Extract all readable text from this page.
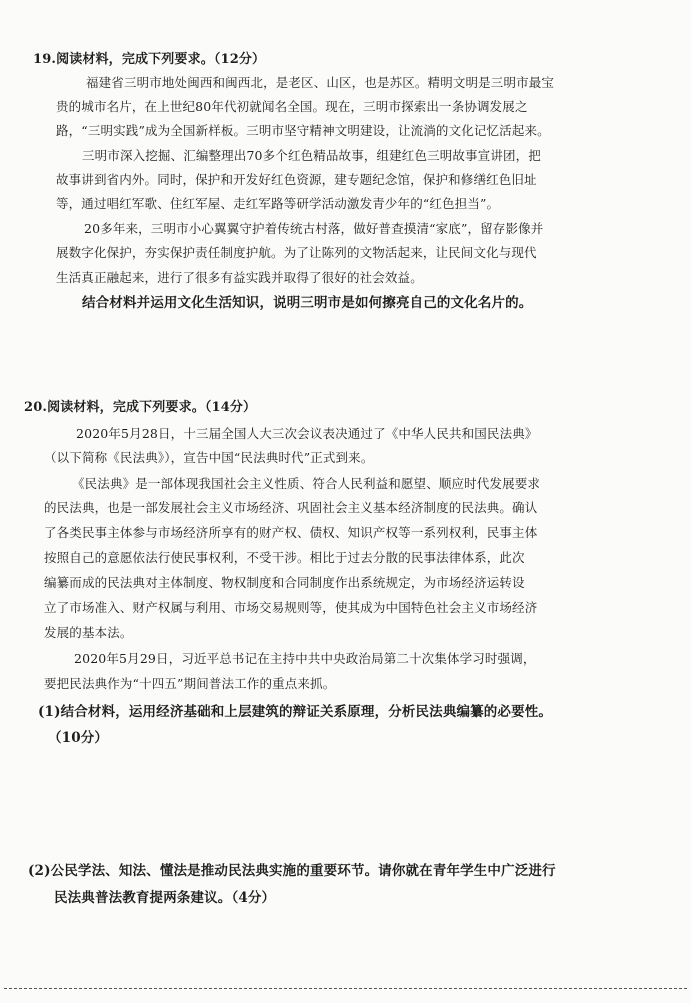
19.阅读材料，完成下列要求。（12分）
福建省三明市地处闽西和闽西北，是老区、山区，也是苏区。精明文明是三明市最宝
贵的城市名片，在上世纪80年代初就闻名全国。现在，三明市探索出一条协调发展之
路，“三明实践”成为全国新样板。三明市坚守精神文明建设，让流淌的文化记忆活起来。
三明市深入挖掘、汇编整理出70多个红色精品故事，组建红色三明故事宣讲团，把
故事讲到省内外。同时，保护和开发好红色资源，建专题纪念馆，保护和修缮红色旧址
等，通过唱红军歌、住红军屋、走红军路等研学活动激发青少年的“红色担当”。
20多年来，三明市小心翼翼守护着传统古村落，做好普查摸清“家底”，留存影像并
展数字化保护，夯实保护责任制度护航。为了让陈列的文物活起来，让民间文化与现代
生活真正融起来，进行了很多有益实践并取得了很好的社会效益。
结合材料并运用文化生活知识，说明三明市是如何擦亮自己的文化名片的。
20.阅读材料，完成下列要求。（14分）
2020年5月28日，十三届全国人大三次会议表决通过了《中华人民共和国民法典》
（以下简称《民法典》），宣告中国“民法典时代”正式到来。
《民法典》是一部体现我国社会主义性质、符合人民利益和愿望、顺应时代发展要求
的民法典，也是一部发展社会主义市场经济、巩固社会主义基本经济制度的民法典。确认
了各类民事主体参与市场经济所享有的财产权、债权、知识产权等一系列权利，民事主体
按照自己的意愿依法行使民事权利，不受干涉。相比于过去分散的民事法律体系，此次
编纂而成的民法典对主体制度、物权制度和合同制度作出系统规定，为市场经济运转设
立了市场准入、财产权属与利用、市场交易规则等，使其成为中国特色社会主义市场经济
发展的基本法。
2020年5月29日，习近平总书记在主持中共中央政治局第二十次集体学习时强调，
要把民法典作为“十四五”期间普法工作的重点来抓。
(1)结合材料，运用经济基础和上层建筑的辩证关系原理，分析民法典编纂的必要性。
（10分）
(2)公民学法、知法、懂法是推动民法典实施的重要环节。请你就在青年学生中广泛进行
民法典普法教育提两条建议。（4分）
